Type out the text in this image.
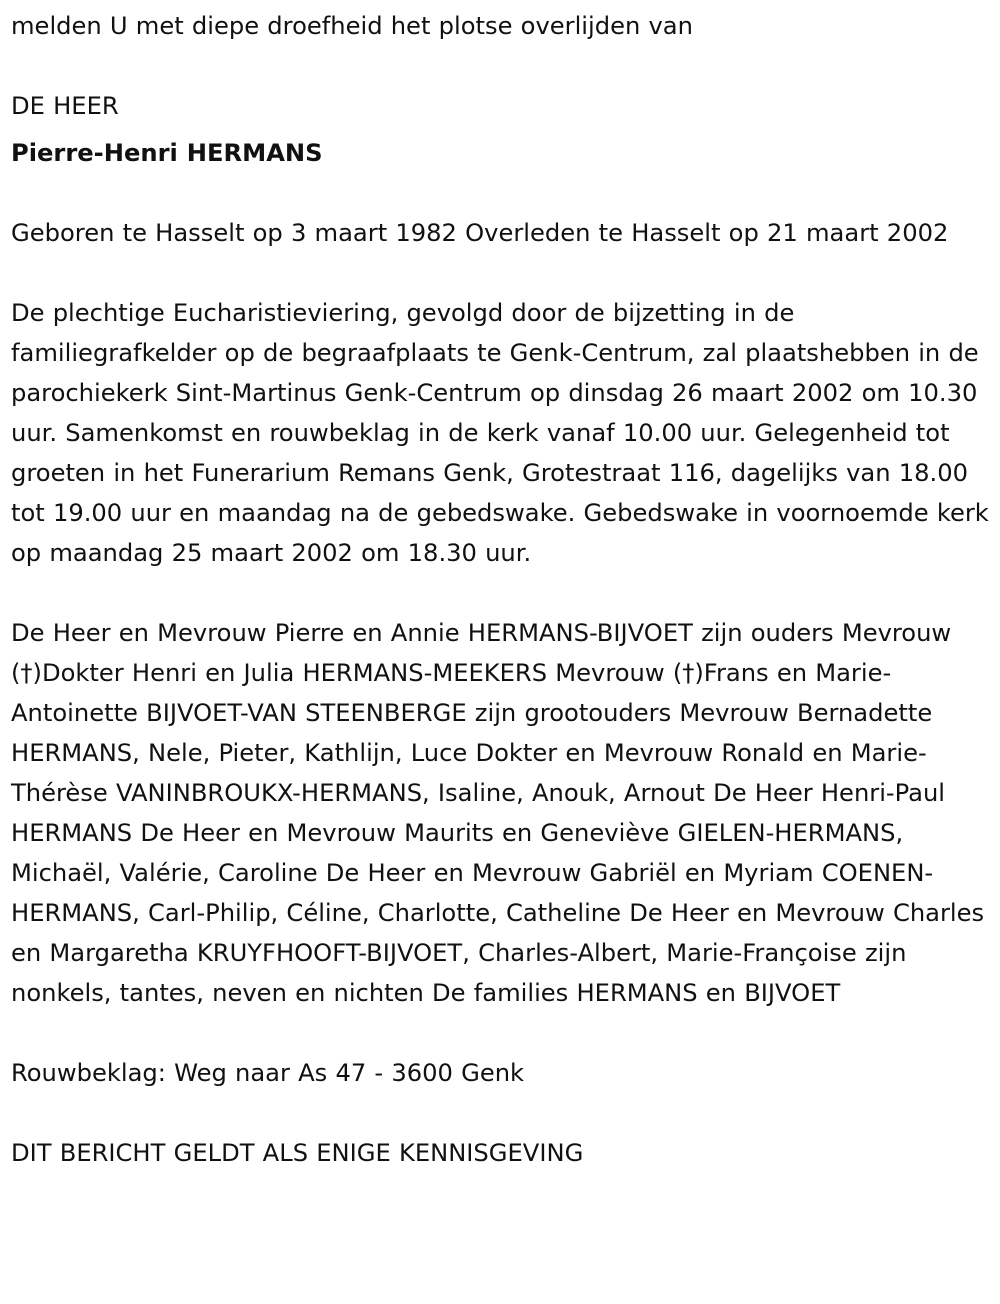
melden U met diepe droefheid het plotse overlijden van

DE HEER

Pierre-Henri HERMANS

Geboren te Hasselt op 3 maart 1982 Overleden te Hasselt op 21 maart 2002

De plechtige Eucharistieviering, gevolgd door de bijzetting in de familiegrafkelder op de begraafplaats te Genk-Centrum, zal plaatshebben in de parochiekerk Sint-Martinus Genk-Centrum op dinsdag 26 maart 2002 om 10.30 uur. Samenkomst en rouwbeklag in de kerk vanaf 10.00 uur. Gelegenheid tot groeten in het Funerarium Remans Genk, Grotestraat 116, dagelijks van 18.00 tot 19.00 uur en maandag na de gebedswake. Gebedswake in voornoemde kerk op maandag 25 maart 2002 om 18.30 uur.

De Heer en Mevrouw Pierre en Annie HERMANS-BIJVOET zijn ouders Mevrouw (†)Dokter Henri en Julia HERMANS-MEEKERS Mevrouw (†)Frans en Marie-Antoinette BIJVOET-VAN STEENBERGE zijn grootouders Mevrouw Bernadette HERMANS, Nele, Pieter, Kathlijn, Luce Dokter en Mevrouw Ronald en Marie-Thérèse VANINBROUKX-HERMANS, Isaline, Anouk, Arnout De Heer Henri-Paul HERMANS De Heer en Mevrouw Maurits en Geneviève GIELEN-HERMANS, Michaël, Valérie, Caroline De Heer en Mevrouw Gabriël en Myriam COENEN-HERMANS, Carl-Philip, Céline, Charlotte, Catheline De Heer en Mevrouw Charles en Margaretha KRUYFHOOFT-BIJVOET, Charles-Albert, Marie-Françoise zijn nonkels, tantes, neven en nichten De families HERMANS en BIJVOET

Rouwbeklag: Weg naar As 47 - 3600 Genk

DIT BERICHT GELDT ALS ENIGE KENNISGEVING
